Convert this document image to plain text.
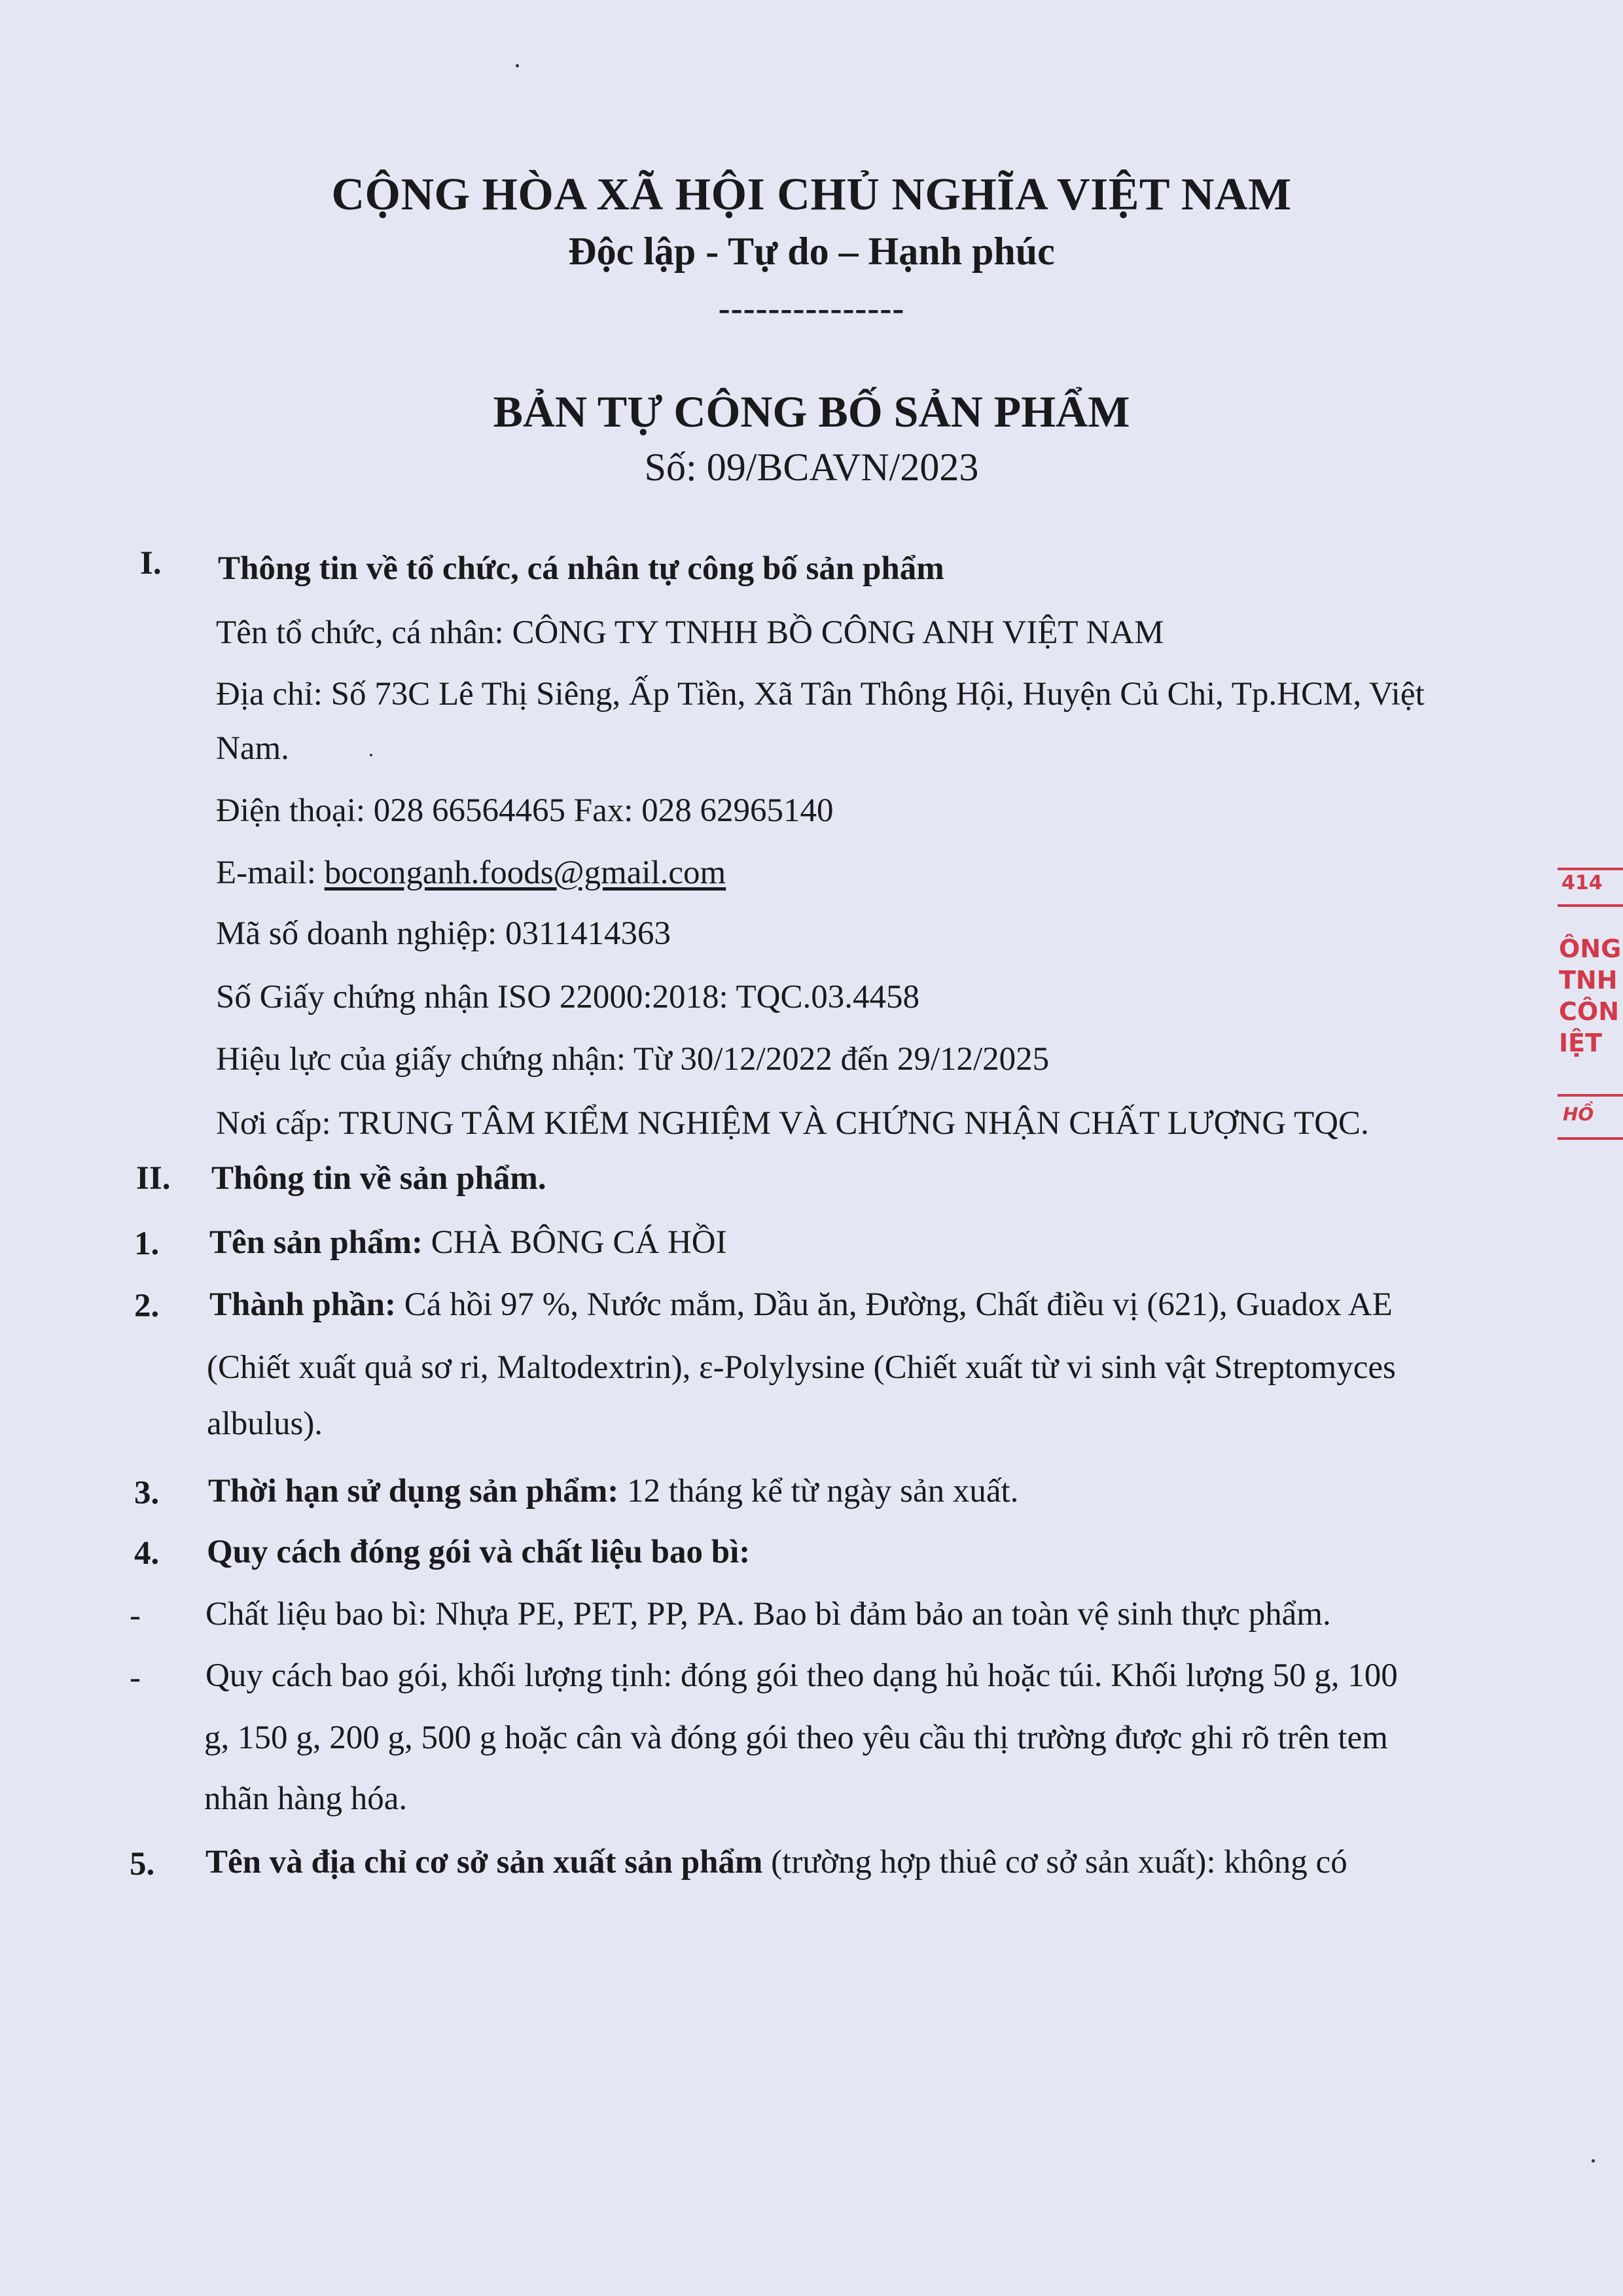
CỘNG HÒA XÃ HỘI CHỦ NGHĨA VIỆT NAM
Độc lập - Tự do – Hạnh phúc
---------------
BẢN TỰ CÔNG BỐ SẢN PHẨM
Số: 09/BCAVN/2023
I. Thông tin về tổ chức, cá nhân tự công bố sản phẩm
Tên tổ chức, cá nhân: CÔNG TY TNHH BỒ CÔNG ANH VIỆT NAM
Địa chỉ: Số 73C Lê Thị Siêng, Ấp Tiền, Xã Tân Thông Hội, Huyện Củ Chi, Tp.HCM, Việt
Nam.
Điện thoại: 028 66564465 Fax: 028 62965140
E-mail: boconganh.foods@gmail.com
Mã số doanh nghiệp: 0311414363
Số Giấy chứng nhận ISO 22000:2018: TQC.03.4458
Hiệu lực của giấy chứng nhận: Từ 30/12/2022 đến 29/12/2025
Nơi cấp: TRUNG TÂM KIỂM NGHIỆM VÀ CHỨNG NHẬN CHẤT LƯỢNG TQC.
II. Thông tin về sản phẩm.
1. Tên sản phẩm: CHÀ BÔNG CÁ HỒI
2. Thành phần: Cá hồi 97 %, Nước mắm, Dầu ăn, Đường, Chất điều vị (621), Guadox AE
(Chiết xuất quả sơ ri, Maltodextrin), ε-Polylysine (Chiết xuất từ vi sinh vật Streptomyces
albulus).
3. Thời hạn sử dụng sản phẩm: 12 tháng kể từ ngày sản xuất.
4. Quy cách đóng gói và chất liệu bao bì:
- Chất liệu bao bì: Nhựa PE, PET, PP, PA. Bao bì đảm bảo an toàn vệ sinh thực phẩm.
- Quy cách bao gói, khối lượng tịnh: đóng gói theo dạng hủ hoặc túi. Khối lượng 50 g, 100
g, 150 g, 200 g, 500 g hoặc cân và đóng gói theo yêu cầu thị trường được ghi rõ trên tem
nhãn hàng hóa.
5. Tên và địa chỉ cơ sở sản xuất sản phẩm (trường hợp thuê cơ sở sản xuất): không có
414
ÔNG
TNH
CÔN
IỆT
HỒ
